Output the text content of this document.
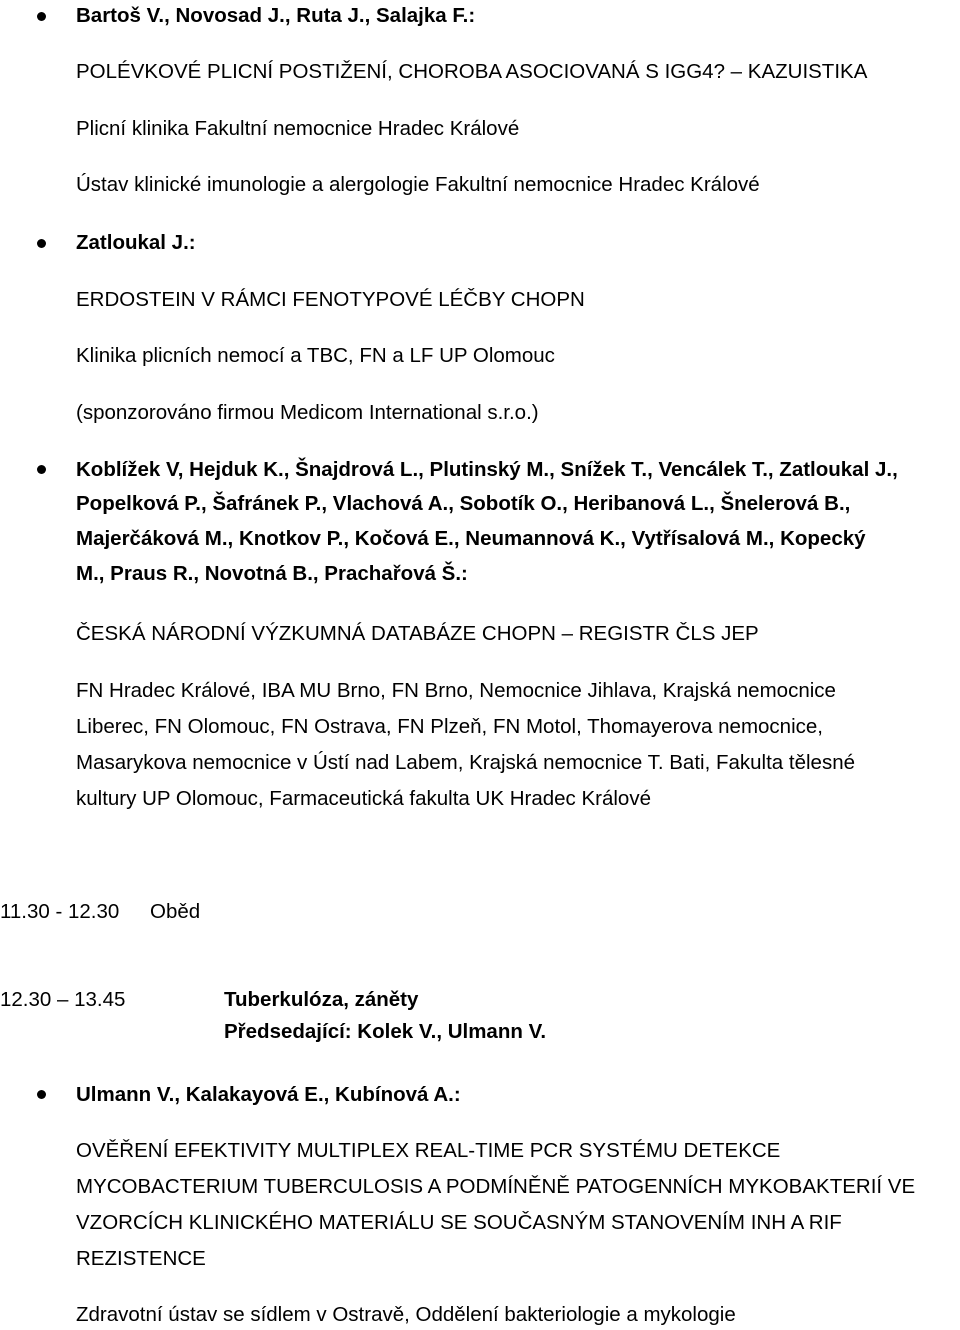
Bartoš V., Novosad J., Ruta J., Salajka F.:
POLÉVKOVÉ PLICNÍ POSTIŽENÍ, CHOROBA ASOCIOVANÁ S IGG4? – KAZUISTIKA
Plicní klinika Fakultní nemocnice Hradec Králové
Ústav klinické imunologie a alergologie Fakultní nemocnice Hradec Králové
Zatloukal J.:
ERDOSTEIN V RÁMCI FENOTYPOVÉ LÉČBY CHOPN
Klinika plicních nemocí a TBC, FN a LF UP Olomouc
(sponzorováno firmou Medicom International s.r.o.)
Koblížek V, Hejduk K., Šnajdrová L., Plutinský M., Snížek T., Vencálek T., Zatloukal J.,
Popelková P., Šafránek P., Vlachová A., Sobotík O., Heribanová L., Šnelerová B.,
Majerčáková M., Knotkov P., Kočová E., Neumannová K., Vytřísalová M., Kopecký
M., Praus R., Novotná B., Prachařová Š.:
ČESKÁ NÁRODNÍ VÝZKUMNÁ DATABÁZE CHOPN – REGISTR ČLS JEP
FN Hradec Králové, IBA MU Brno, FN Brno, Nemocnice Jihlava, Krajská nemocnice
Liberec, FN Olomouc, FN Ostrava, FN Plzeň, FN Motol, Thomayerova nemocnice,
Masarykova nemocnice v Ústí nad Labem, Krajská nemocnice T. Bati, Fakulta tělesné
kultury UP Olomouc, Farmaceutická fakulta UK Hradec Králové
11.30 - 12.30 Oběd
12.30 – 13.45	Tuberkulóza, záněty
Předsedající: Kolek V., Ulmann V.
Ulmann V., Kalakayová E., Kubínová A.:
OVĚŘENÍ EFEKTIVITY MULTIPLEX REAL-TIME PCR SYSTÉMU DETEKCE
MYCOBACTERIUM TUBERCULOSIS A PODMÍNĚNĚ PATOGENNÍCH MYKOBAKTERIÍ VE
VZORCÍCH KLINICKÉHO MATERIÁLU SE SOUČASNÝM STANOVENÍM INH A RIF
REZISTENCE
Zdravotní ústav se sídlem v Ostravě, Oddělení bakteriologie a mykologie
